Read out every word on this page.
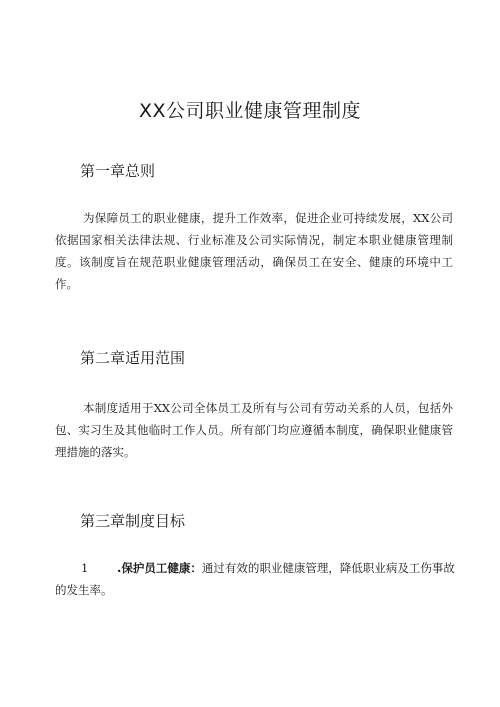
XX公司职业健康管理制度
第一章总则

为保障员工的职业健康，提升工作效率，促进企业可持续发展，XX公司依据国家相关法律法规、行业标准及公司实际情况，制定本职业健康管理制度。该制度旨在规范职业健康管理活动，确保员工在安全、健康的环境中工作。

第二章适用范围

本制度适用于XX公司全体员工及所有与公司有劳动关系的人员，包括外包、实习生及其他临时工作人员。所有部门均应遵循本制度，确保职业健康管理措施的落实。

第三章制度目标

1 .保护员工健康：通过有效的职业健康管理，降低职业病及工伤事故的发生率。
